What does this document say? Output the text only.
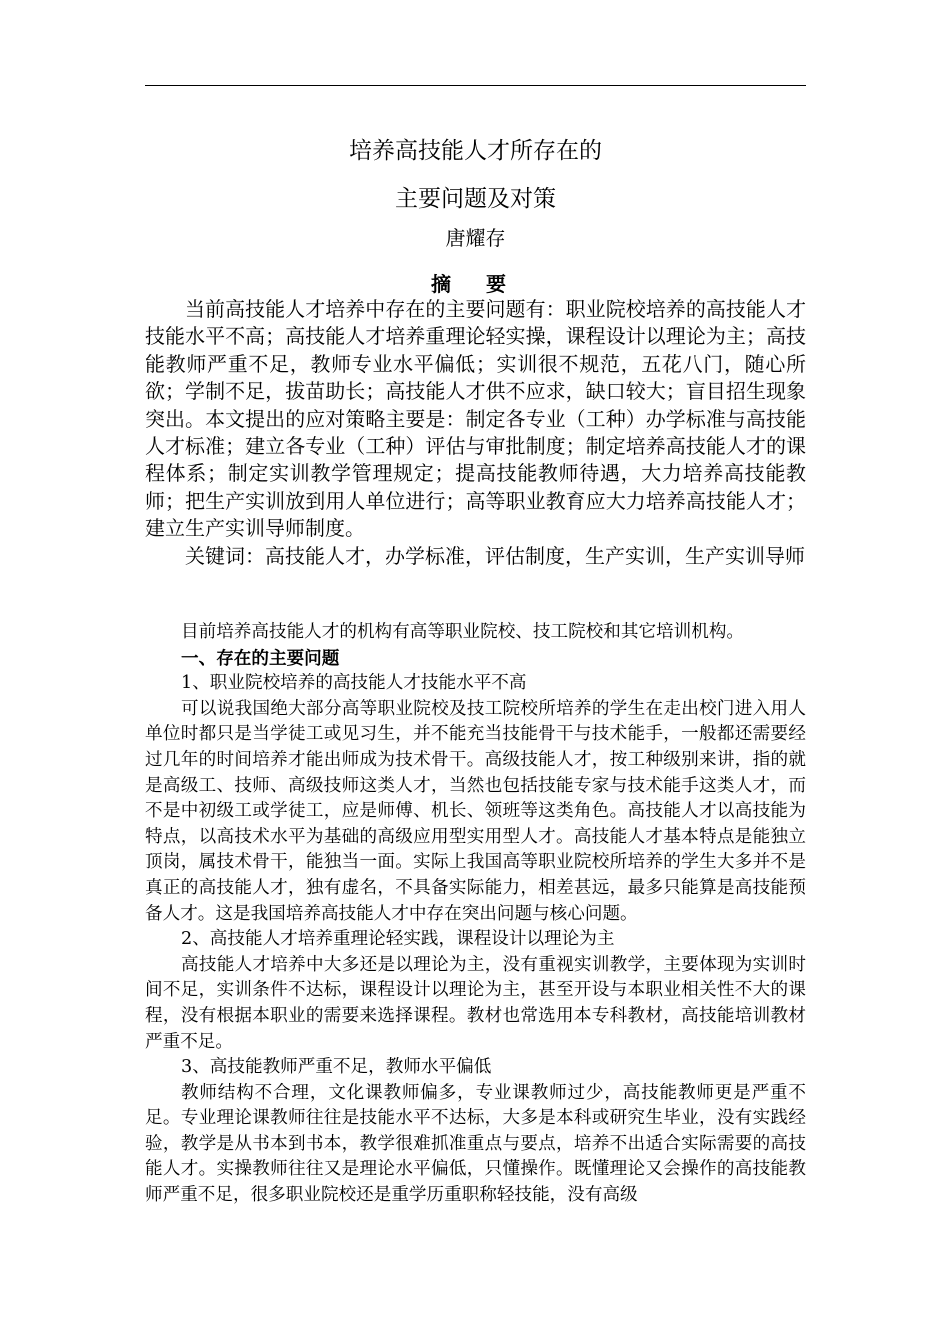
培养高技能人才所存在的
主要问题及对策
唐耀存
摘 要

当前高技能人才培养中存在的主要问题有：职业院校培养的高技能人才技能水平不高；高技能人才培养重理论轻实操，课程设计以理论为主；高技能教师严重不足，教师专业水平偏低；实训很不规范，五花八门，随心所欲；学制不足，拔苗助长；高技能人才供不应求，缺口较大；盲目招生现象突出。本文提出的应对策略主要是：制定各专业（工种）办学标准与高技能人才标准；建立各专业（工种）评估与审批制度；制定培养高技能人才的课程体系；制定实训教学管理规定；提高技能教师待遇，大力培养高技能教师；把生产实训放到用人单位进行；高等职业教育应大力培养高技能人才；建立生产实训导师制度。

关键词：高技能人才，办学标准，评估制度，生产实训，生产实训导师

目前培养高技能人才的机构有高等职业院校、技工院校和其它培训机构。

一、存在的主要问题

1、职业院校培养的高技能人才技能水平不高

可以说我国绝大部分高等职业院校及技工院校所培养的学生在走出校门进入用人单位时都只是当学徒工或见习生，并不能充当技能骨干与技术能手，一般都还需要经过几年的时间培养才能出师成为技术骨干。高级技能人才，按工种级别来讲，指的就是高级工、技师、高级技师这类人才，当然也包括技能专家与技术能手这类人才，而不是中初级工或学徒工，应是师傅、机长、领班等这类角色。高技能人才以高技能为特点，以高技术水平为基础的高级应用型实用型人才。高技能人才基本特点是能独立顶岗，属技术骨干，能独当一面。实际上我国高等职业院校所培养的学生大多并不是真正的高技能人才，独有虚名，不具备实际能力，相差甚远，最多只能算是高技能预备人才。这是我国培养高技能人才中存在突出问题与核心问题。

2、高技能人才培养重理论轻实践，课程设计以理论为主

高技能人才培养中大多还是以理论为主，没有重视实训教学，主要体现为实训时间不足，实训条件不达标，课程设计以理论为主，甚至开设与本职业相关性不大的课程，没有根据本职业的需要来选择课程。教材也常选用本专科教材，高技能培训教材严重不足。

3、高技能教师严重不足，教师水平偏低

教师结构不合理，文化课教师偏多，专业课教师过少，高技能教师更是严重不足。专业理论课教师往往是技能水平不达标，大多是本科或研究生毕业，没有实践经验，教学是从书本到书本，教学很难抓准重点与要点，培养不出适合实际需要的高技能人才。实操教师往往又是理论水平偏低，只懂操作。既懂理论又会操作的高技能教师严重不足，很多职业院校还是重学历重职称轻技能，没有高级
